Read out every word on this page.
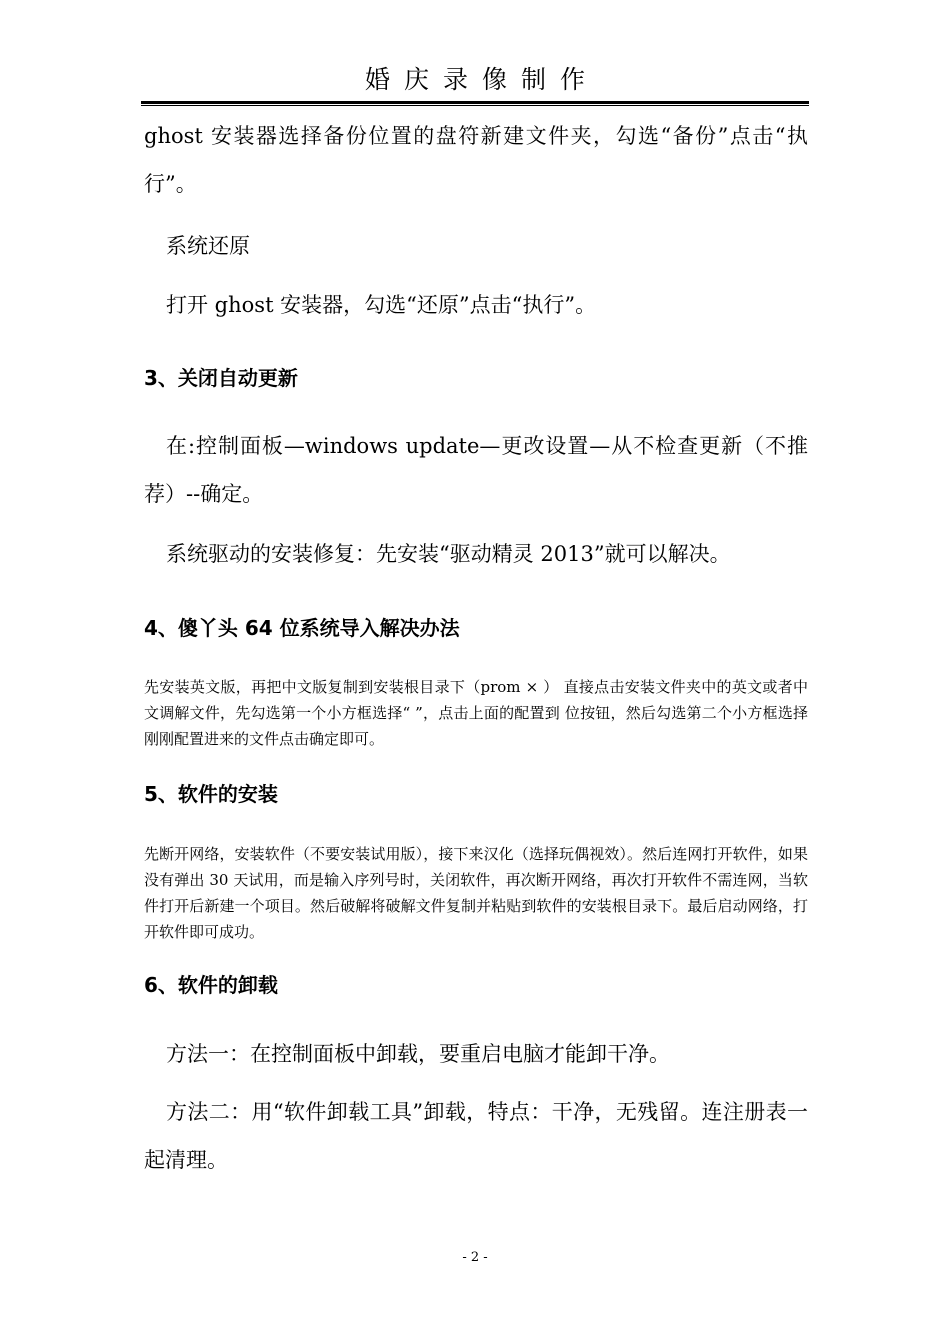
婚庆录像制作

ghost 安装器选择备份位置的盘符新建文件夹，勾选“备份”点击“执行”。

系统还原

打开 ghost 安装器，勾选“还原”点击“执行”。

3、关闭自动更新

在:控制面板—windows update—更改设置—从不检查更新（不推荐）--确定。

系统驱动的安装修复：先安装“驱动精灵 2013”就可以解决。

4、傻丫头 64 位系统导入解决办法

先安装英文版，再把中文版复制到安装根目录下（prom × ） 直接点击安装文件夹中的英文或者中文调解文件，先勾选第一个小方框选择“ ”，点击上面的配置到 位按钮，然后勾选第二个小方框选择刚刚配置进来的文件点击确定即可。

5、软件的安装

先断开网络，安装软件（不要安装试用版），接下来汉化（选择玩偶视效）。然后连网打开软件，如果没有弹出 30 天试用，而是输入序列号时，关闭软件，再次断开网络，再次打开软件不需连网，当软件打开后新建一个项目。然后破解将破解文件复制并粘贴到软件的安装根目录下。最后启动网络，打开软件即可成功。

6、软件的卸载

方法一：在控制面板中卸载，要重启电脑才能卸干净。

方法二：用“软件卸载工具”卸载，特点：干净，无残留。连注册表一起清理。

- 2 -
